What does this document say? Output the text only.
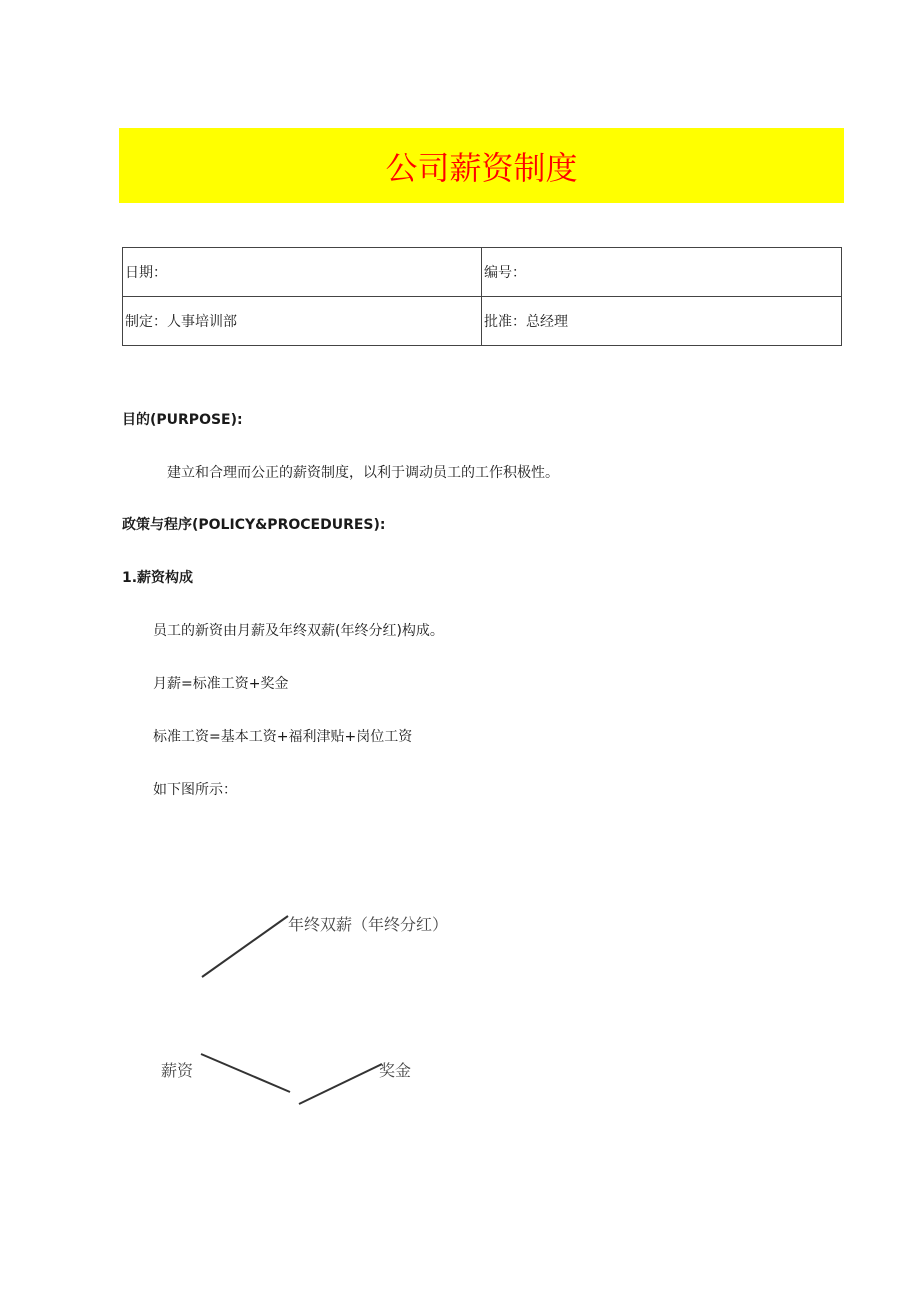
公司薪资制度
日期：	编号：
制定：人事培训部	批准：总经理
目的(PURPOSE):
建立和合理而公正的薪资制度，以利于调动员工的工作积极性。
政策与程序(POLICY&PROCEDURES):
1.薪资构成
员工的新资由月薪及年终双薪(年终分红)构成。
月薪=标准工资+奖金
标准工资=基本工资+福利津贴+岗位工资
如下图所示：
年终双薪（年终分红）
薪资	奖金
